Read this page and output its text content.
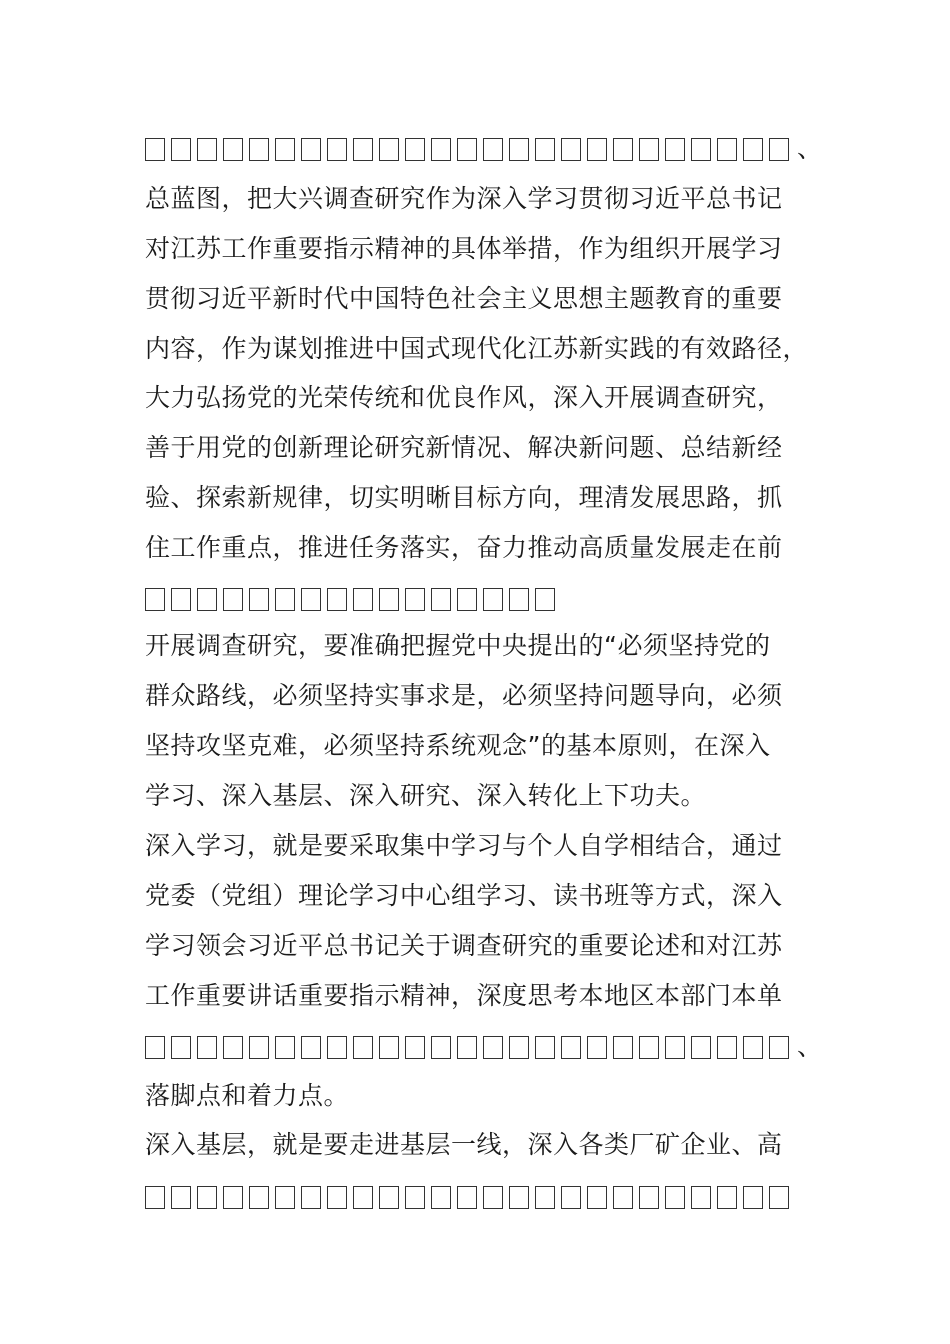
、
总蓝图，把大兴调查研究作为深入学习贯彻习近平总书记
对江苏工作重要指示精神的具体举措，作为组织开展学习
贯彻习近平新时代中国特色社会主义思想主题教育的重要
内容，作为谋划推进中国式现代化江苏新实践的有效路径，
大力弘扬党的光荣传统和优良作风，深入开展调查研究，
善于用党的创新理论研究新情况、解决新问题、总结新经
验、探索新规律，切实明晰目标方向，理清发展思路，抓
住工作重点，推进任务落实，奋力推动高质量发展走在前
开展调查研究，要准确把握党中央提出的“必须坚持党的
群众路线，必须坚持实事求是，必须坚持问题导向，必须
坚持攻坚克难，必须坚持系统观念”的基本原则，在深入
学习、深入基层、深入研究、深入转化上下功夫。
深入学习，就是要采取集中学习与个人自学相结合，通过
党委（党组）理论学习中心组学习、读书班等方式，深入
学习领会习近平总书记关于调查研究的重要论述和对江苏
工作重要讲话重要指示精神，深度思考本地区本部门本单
、
落脚点和着力点。
深入基层，就是要走进基层一线，深入各类厂矿企业、高
